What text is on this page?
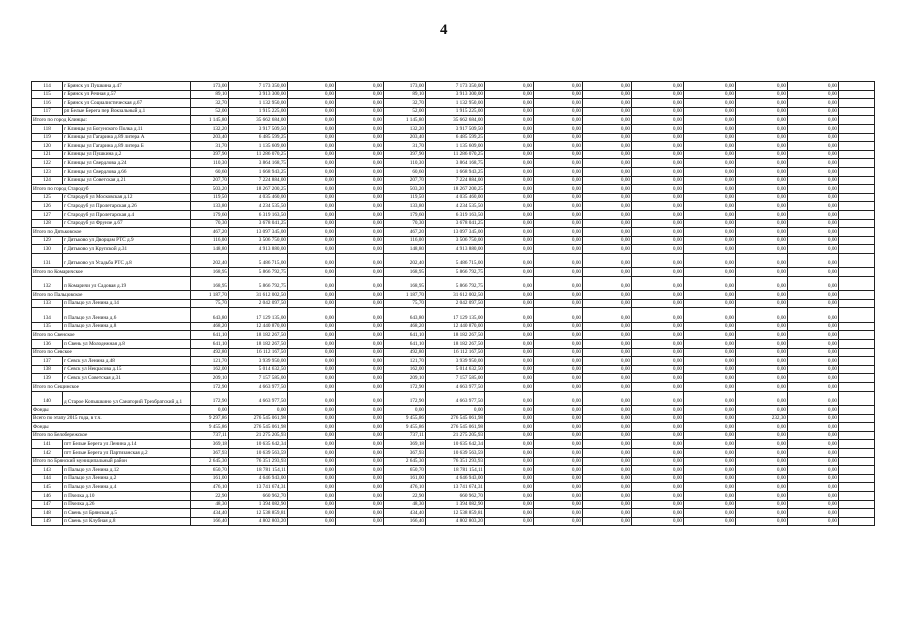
4
114	г Брянск ул Пушкина д.47	173,00	7 173 350,00	0,00	0,00	173,00	7 173 350,00	0,00	0,00	0,00	0,00	0,00	0,00	0,00	
115	г Брянск ул Речная д.57	89,10	3 913 300,00	0,00	0,00	89,10	3 913 300,00	0,00	0,00	0,00	0,00	0,00	0,00	0,00	
116	г Брянск ул Социалистическая д.67	32,70	1 132 950,00	0,00	0,00	32,70	1 132 950,00	0,00	0,00	0,00	0,00	0,00	0,00	0,00	
117	рп Белые Берега пер Вокзальный д.1	52,00	1 915 225,00	0,00	0,00	52,00	1 915 225,00	0,00	0,00	0,00	0,00	0,00	0,00	0,00	
Итого по город Клинцы:		1 145,80	35 662 684,00	0,00	0,00	1 145,80	35 662 684,00	0,00	0,00	0,00	0,00	0,00	0,00	0,00	
118	г Клинцы ул Богунского Полка д.11	132,20	3 917 509,50	0,00	0,00	132,20	3 917 509,50	0,00	0,00	0,00	0,00	0,00	0,00	0,00	
119	г Клинцы ул Гагарина д.89 литера А	203,40	6 485 599,25	0,00	0,00	203,40	6 485 599,25	0,00	0,00	0,00	0,00	0,00	0,00	0,00	
120	г Клинцы ул Гагарина д.89 литера Б	31,70	1 135 609,00	0,00	0,00	31,70	1 135 609,00	0,00	0,00	0,00	0,00	0,00	0,00	0,00	
121	г Клинцы ул Пушкина д.2	397,90	11 286 070,25	0,00	0,00	397,90	11 286 070,25	0,00	0,00	0,00	0,00	0,00	0,00	0,00	
122	г Клинцы ул Свердлова д.24	110,30	3 864 168,75	0,00	0,00	110,30	3 864 168,75	0,00	0,00	0,00	0,00	0,00	0,00	0,00	
123	г Клинцы ул Свердлова д.66	60,60	1 668 943,25	0,00	0,00	60,60	1 668 943,25	0,00	0,00	0,00	0,00	0,00	0,00	0,00	
124	г Клинцы ул Советская д.21	207,70	7 224 884,00	0,00	0,00	207,70	7 224 884,00	0,00	0,00	0,00	0,00	0,00	0,00	0,00	
Итого по город Стародуб		503,20	18 267 200,25	0,00	0,00	503,20	18 267 200,25	0,00	0,00	0,00	0,00	0,00	0,00	0,00	
125	г Стародуб ул Московская д.12	119,50	4 035 460,00	0,00	0,00	119,50	4 035 460,00	0,00	0,00	0,00	0,00	0,00	0,00	0,00	
126	г Стародуб ул Пролетарская д.26	133,80	4 234 535,50	0,00	0,00	133,80	4 234 535,50	0,00	0,00	0,00	0,00	0,00	0,00	0,00	
127	г Стародуб ул Пролетарская д.4	179,60	6 319 163,50	0,00	0,00	179,60	6 319 163,50	0,00	0,00	0,00	0,00	0,00	0,00	0,00	
128	г Стародуб ул Фрунзе д.67	70,30	3 678 041,25	0,00	0,00	70,30	3 678 041,25	0,00	0,00	0,00	0,00	0,00	0,00	0,00	
Итого по Дятьковское		467,20	13 097 345,00	0,00	0,00	467,20	13 097 345,00	0,00	0,00	0,00	0,00	0,00	0,00	0,00	
129	г Дятьково ул Дворцам РТС д.9	116,00	3 506 750,00	0,00	0,00	116,00	3 506 750,00	0,00	0,00	0,00	0,00	0,00	0,00	0,00	
130	г Дятьково ул Крупской д.31	148,80	4 913 880,00	0,00	0,00	148,80	4 913 880,00	0,00	0,00	0,00	0,00	0,00	0,00	0,00	
131	г Дятьково ул Усадьба РТС д.8	202,40	5 486 715,00	0,00	0,00	202,40	5 486 715,00	0,00	0,00	0,00	0,00	0,00	0,00	0,00	
Итого по Комаричское		168,95	5 866 792,75	0,00	0,00	168,95	5 866 792,75	0,00	0,00	0,00	0,00	0,00	0,00	0,00	
132	п Комаричи ул Садовая д.19	168,95	5 866 792,75	0,00	0,00	168,95	5 866 792,75	0,00	0,00	0,00	0,00	0,00	0,00	0,00	
Итого по Пальцовское		1 187,70	31 612 002,50	0,00	0,00	1 187,70	31 612 002,50	0,00	0,00	0,00	0,00	0,00	0,00	0,00	
133	п Пальцо ул Ленина д.14	75,70	2 042 097,50	0,00	0,00	75,70	2 042 097,50	0,00	0,00	0,00	0,00	0,00	0,00	0,00	
134	п Пальцо ул Ленина д.6	643,80	17 129 135,00	0,00	0,00	643,80	17 129 135,00	0,00	0,00	0,00	0,00	0,00	0,00	0,00	
135	п Пальцо ул Ленина д.8	468,20	12 440 870,00	0,00	0,00	468,20	12 440 870,00	0,00	0,00	0,00	0,00	0,00	0,00	0,00	
Итого по Свенское		641,10	18 182 267,50	0,00	0,00	641,10	18 182 267,50	0,00	0,00	0,00	0,00	0,00	0,00	0,00	
136	п Свень ул Молодежная д.8	641,10	18 182 267,50	0,00	0,00	641,10	18 182 267,50	0,00	0,00	0,00	0,00	0,00	0,00	0,00	
Итого по Севское		492,80	16 112 167,50	0,00	0,00	492,80	16 112 167,50	0,00	0,00	0,00	0,00	0,00	0,00	0,00	
137	г Севск ул Ленина д.48	121,70	3 939 950,00	0,00	0,00	121,70	3 939 950,00	0,00	0,00	0,00	0,00	0,00	0,00	0,00	
138	г Севск ул Некрасова д.15	162,00	5 014 632,50	0,00	0,00	162,00	5 014 632,50	0,00	0,00	0,00	0,00	0,00	0,00	0,00	
139	г Севск ул Советская д.31	209,10	7 157 585,00	0,00	0,00	209,10	7 157 585,00	0,00	0,00	0,00	0,00	0,00	0,00	0,00	
Итого по Сещинское		172,90	4 663 977,50	0,00	0,00	172,90	4 663 977,50	0,00	0,00	0,00	0,00	0,00	0,00	0,00	
140	д Старое Копышкино ул Санаторий Трехбратский д.1	172,90	4 663 977,50	0,00	0,00	172,90	4 663 977,50	0,00	0,00	0,00	0,00	0,00	0,00	0,00	
Фонды		0,00	0,00	0,00	0,00	0,00	0,00	0,00	0,00	0,00	0,00	0,00	0,00	0,00	
Всего по этапу 2015 года, в т.ч.		9 297,86	276 545 061,98	0,00	0,00	9 455,86	276 545 061,98	0,00	0,00	0,00	0,00	0,00	232,30	0,00	
Фонды		9 455,86	276 545 061,98	0,00	0,00	9 455,86	276 545 061,98	0,00	0,00	0,00	0,00	0,00	0,00	0,00	
Итого по Белобережское		737,11	21 275 205,93	0,00	0,00	737,11	21 275 205,93	0,00	0,00	0,00	0,00	0,00	0,00	0,00	
141	пгт Белые Берега ул Ленина д.14	369,18	10 635 642,34	0,00	0,00	369,18	10 635 642,34	0,00	0,00	0,00	0,00	0,00	0,00	0,00	
142	пгт Белые Берега ул Партизанская д.2	367,93	10 639 563,59	0,00	0,00	367,93	10 639 563,59	0,00	0,00	0,00	0,00	0,00	0,00	0,00	
Итого по Брянский муниципальный район		2 645,30	76 351 293,93	0,00	0,00	2 645,30	76 351 293,93	0,00	0,00	0,00	0,00	0,00	0,00	0,00	
143	п Пальцо ул Ленина д.12	650,70	18 781 154,11	0,00	0,00	650,70	18 781 154,11	0,00	0,00	0,00	0,00	0,00	0,00	0,00	
144	п Пальцо ул Ленина д.2	161,00	4 646 943,00	0,00	0,00	161,00	4 646 943,00	0,00	0,00	0,00	0,00	0,00	0,00	0,00	
145	п Пальцо ул Ленина д.4	476,10	13 741 674,31	0,00	0,00	476,10	13 741 674,31	0,00	0,00	0,00	0,00	0,00	0,00	0,00	
146	п Пчелка д.10	22,90	660 962,70	0,00	0,00	22,90	660 962,70	0,00	0,00	0,00	0,00	0,00	0,00	0,00	
147	п Пчелка д.26	48,30	1 394 082,90	0,00	0,00	48,30	1 394 082,90	0,00	0,00	0,00	0,00	0,00	0,00	0,00	
148	п Свень ул Брянская д.5	434,40	12 538 859,81	0,00	0,00	434,40	12 538 859,81	0,00	0,00	0,00	0,00	0,00	0,00	0,00	
149	п Свень ул Клубная д.8	166,40	4 802 803,20	0,00	0,00	166,40	4 802 803,20	0,00	0,00	0,00	0,00	0,00	0,00	0,00	
